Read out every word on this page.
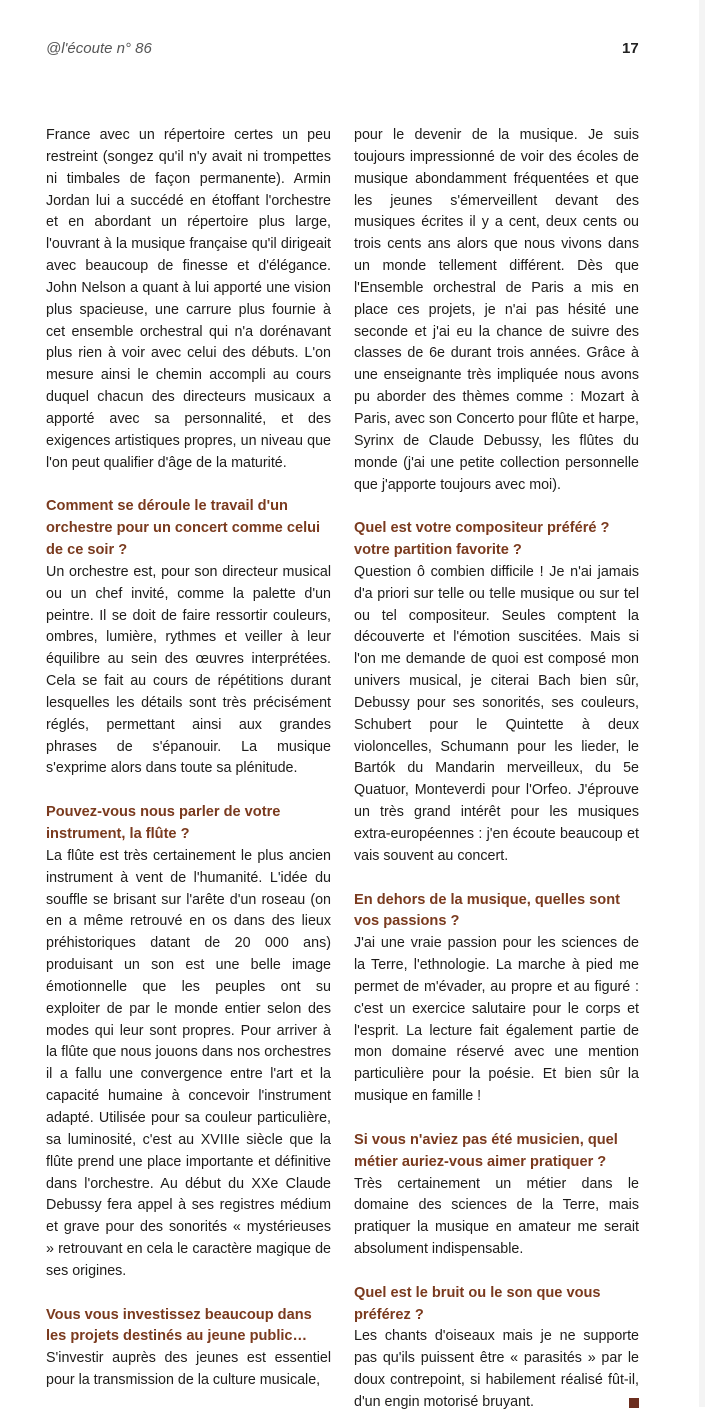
@l'écoute n° 86	17

France avec un répertoire certes un peu restreint (songez qu'il n'y avait ni trompettes ni timbales de façon permanente). Armin Jordan lui a succédé en étoffant l'orchestre et en abordant un répertoire plus large, l'ouvrant à la musique française qu'il dirigeait avec beaucoup de finesse et d'élégance. John Nelson a quant à lui apporté une vision plus spacieuse, une carrure plus fournie à cet ensemble orchestral qui n'a dorénavant plus rien à voir avec celui des débuts. L'on mesure ainsi le chemin accompli au cours duquel chacun des directeurs musicaux a apporté avec sa personnalité, et des exigences artistiques propres, un niveau que l'on peut qualifier d'âge de la maturité.

Comment se déroule le travail d'un orchestre pour un concert comme celui de ce soir ?

Un orchestre est, pour son directeur musical ou un chef invité, comme la palette d'un peintre. Il se doit de faire ressortir couleurs, ombres, lumière, rythmes et veiller à leur équilibre au sein des œuvres interprétées. Cela se fait au cours de répétitions durant lesquelles les détails sont très précisément réglés, permettant ainsi aux grandes phrases de s'épanouir. La musique s'exprime alors dans toute sa plénitude.

Pouvez-vous nous parler de votre instrument, la flûte ?

La flûte est très certainement le plus ancien instrument à vent de l'humanité. L'idée du souffle se brisant sur l'arête d'un roseau (on en a même retrouvé en os dans des lieux préhistoriques datant de 20 000 ans) produisant un son est une belle image émotionnelle que les peuples ont su exploiter de par le monde entier selon des modes qui leur sont propres. Pour arriver à la flûte que nous jouons dans nos orchestres il a fallu une convergence entre l'art et la capacité humaine à concevoir l'instrument adapté. Utilisée pour sa couleur particulière, sa luminosité, c'est au XVIIIe siècle que la flûte prend une place importante et définitive dans l'orchestre. Au début du XXe Claude Debussy fera appel à ses registres médium et grave pour des sonorités « mystérieuses » retrouvant en cela le caractère magique de ses origines.

Vous vous investissez beaucoup dans les projets destinés au jeune public…

S'investir auprès des jeunes est essentiel pour la transmission de la culture musicale,

pour le devenir de la musique. Je suis toujours impressionné de voir des écoles de musique abondamment fréquentées et que les jeunes s'émerveillent devant des musiques écrites il y a cent, deux cents ou trois cents ans alors que nous vivons dans un monde tellement différent. Dès que l'Ensemble orchestral de Paris a mis en place ces projets, je n'ai pas hésité une seconde et j'ai eu la chance de suivre des classes de 6e durant trois années. Grâce à une enseignante très impliquée nous avons pu aborder des thèmes comme : Mozart à Paris, avec son Concerto pour flûte et harpe, Syrinx de Claude Debussy, les flûtes du monde (j'ai une petite collection personnelle que j'apporte toujours avec moi).

Quel est votre compositeur préféré ? votre partition favorite ?

Question ô combien difficile ! Je n'ai jamais d'a priori sur telle ou telle musique ou sur tel ou tel compositeur. Seules comptent la découverte et l'émotion suscitées. Mais si l'on me demande de quoi est composé mon univers musical, je citerai Bach bien sûr, Debussy pour ses sonorités, ses couleurs, Schubert pour le Quintette à deux violoncelles, Schumann pour les lieder, le Bartók du Mandarin merveilleux, du 5e Quatuor, Monteverdi pour l'Orfeo. J'éprouve un très grand intérêt pour les musiques extra-européennes : j'en écoute beaucoup et vais souvent au concert.

En dehors de la musique, quelles sont vos passions ?

J'ai une vraie passion pour les sciences de la Terre, l'ethnologie. La marche à pied me permet de m'évader, au propre et au figuré : c'est un exercice salutaire pour le corps et l'esprit. La lecture fait également partie de mon domaine réservé avec une mention particulière pour la poésie. Et bien sûr la musique en famille !

Si vous n'aviez pas été musicien, quel métier auriez-vous aimer pratiquer ?

Très certainement un métier dans le domaine des sciences de la Terre, mais pratiquer la musique en amateur me serait absolument indispensable.

Quel est le bruit ou le son que vous préférez ?

Les chants d'oiseaux mais je ne supporte pas qu'ils puissent être « parasités » par le doux contrepoint, si habilement réalisé fût-il, d'un engin motorisé bruyant.
